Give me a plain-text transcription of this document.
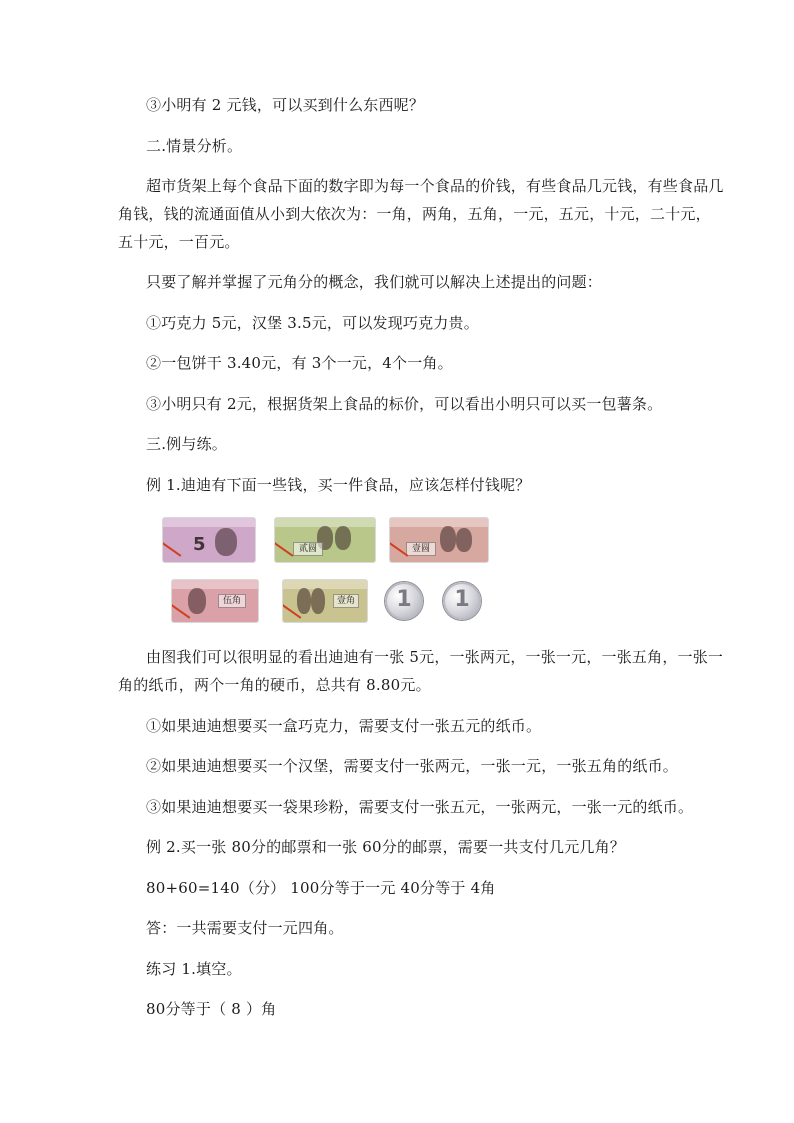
③小明有 2 元钱，可以买到什么东西呢？
二.情景分析。
超市货架上每个食品下面的数字即为每一个食品的价钱，有些食品几元钱，有些食品几
角钱，钱的流通面值从小到大依次为：一角，两角，五角，一元，五元，十元，二十元，
五十元，一百元。
只要了解并掌握了元角分的概念，我们就可以解决上述提出的问题：
①巧克力 5元，汉堡 3.5元，可以发现巧克力贵。
②一包饼干 3.40元，有 3个一元，4个一角。
③小明只有 2元，根据货架上食品的标价，可以看出小明只可以买一包薯条。
三.例与练。
例 1.迪迪有下面一些钱，买一件食品，应该怎样付钱呢？
5	贰圆	壹圆
伍角	壹角	1	1
由图我们可以很明显的看出迪迪有一张 5元，一张两元，一张一元，一张五角，一张一
角的纸币，两个一角的硬币，总共有 8.80元。
①如果迪迪想要买一盒巧克力，需要支付一张五元的纸币。
②如果迪迪想要买一个汉堡，需要支付一张两元，一张一元，一张五角的纸币。
③如果迪迪想要买一袋果珍粉，需要支付一张五元，一张两元，一张一元的纸币。
例 2.买一张 80分的邮票和一张 60分的邮票，需要一共支付几元几角？
80+60=140（分） 100分等于一元 40分等于 4角
答：一共需要支付一元四角。
练习 1.填空。
80分等于（ 8 ）角
